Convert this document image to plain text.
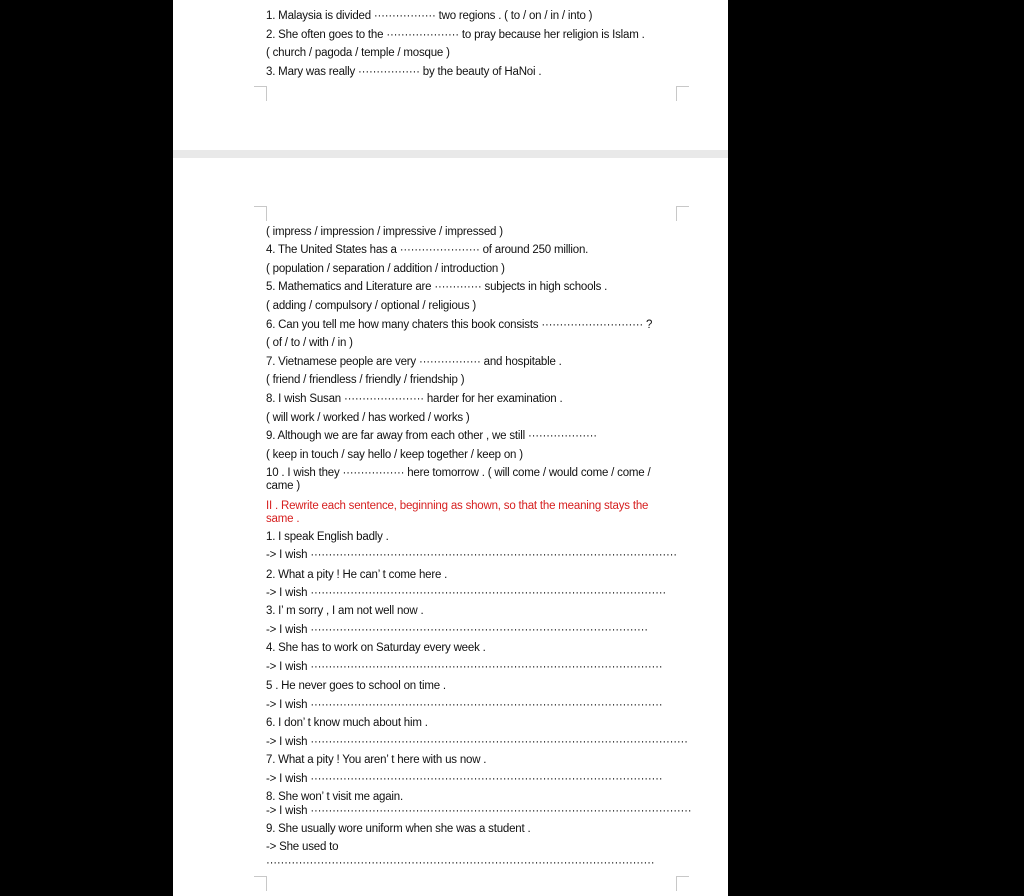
1. Malaysia is divided ················· two regions . ( to / on / in / into )
2. She often goes to the ···················· to pray because her religion is Islam .
( church / pagoda / temple / mosque )
3. Mary was really ················· by the beauty of HaNoi .
( impress / impression / impressive / impressed )
4. The United States has a ······················ of around 250 million.
( population / separation / addition / introduction )
5. Mathematics and Literature are ············· subjects in high schools .
( adding / compulsory / optional / religious )
6. Can you tell me how many chaters this book consists ···························· ?
( of / to / with / in )
7. Vietnamese people are very ················· and hospitable .
( friend / friendless / friendly / friendship )
8. I wish Susan ······················ harder for her examination .
( will work / worked / has worked / works )
9. Although we are far away from each other , we still ···················
( keep in touch / say hello / keep together / keep on )
10 . I wish they ················· here tomorrow . ( will come / would come / come /
came )
II . Rewrite each sentence, beginning as shown, so that the meaning stays the
same .
1. I speak English badly .
-> I wish ·····································································································
2. What a pity ! He can’ t come here .
-> I wish ··································································································
3. I’ m sorry , I am not well now .
-> I wish ·····························································································
4. She has to work on Saturday every week .
-> I wish ·································································································
5 . He never goes to school on time .
-> I wish ·································································································
6. I don’ t know much about him .
-> I wish ········································································································
7. What a pity ! You aren’ t here with us now .
-> I wish ·································································································
8. She won’ t visit me again.
-> I wish ·········································································································
9. She usually wore uniform when she was a student .
-> She used to
···········································································································
